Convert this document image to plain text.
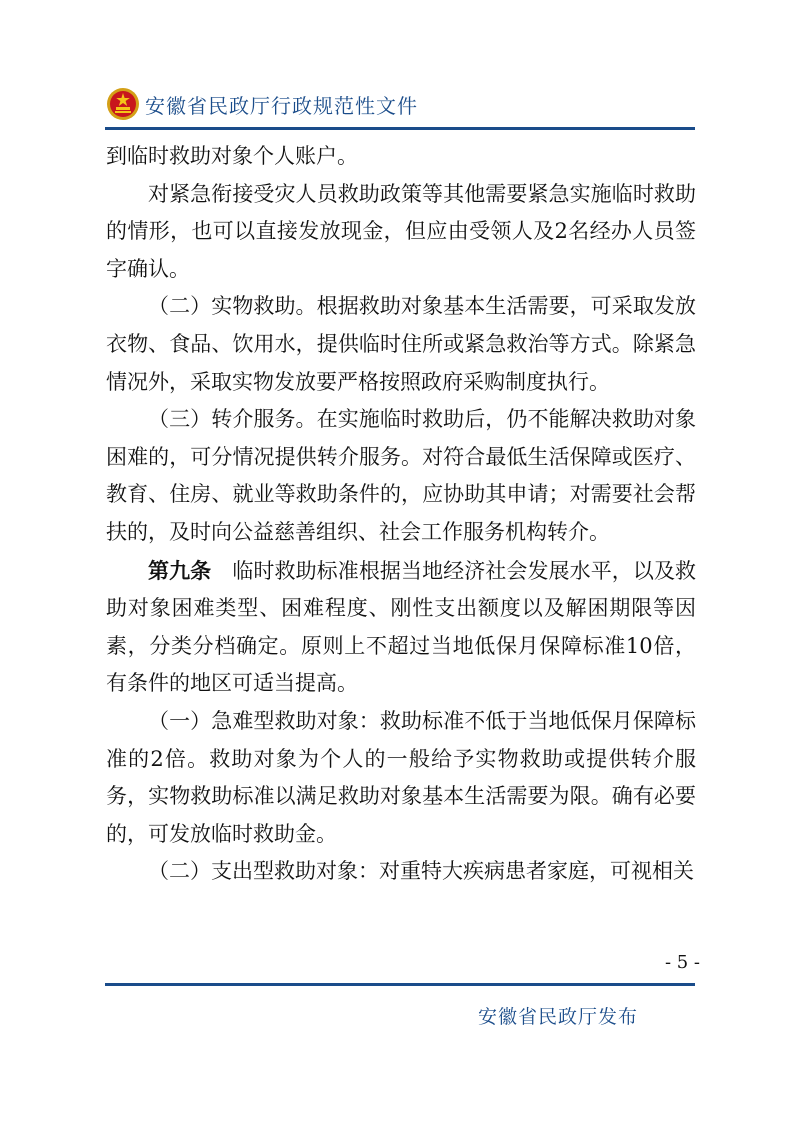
安徽省民政厅行政规范性文件

到临时救助对象个人账户。

对紧急衔接受灾人员救助政策等其他需要紧急实施临时救助的情形，也可以直接发放现金，但应由受领人及2名经办人员签字确认。

（二）实物救助。根据救助对象基本生活需要，可采取发放衣物、食品、饮用水，提供临时住所或紧急救治等方式。除紧急情况外，采取实物发放要严格按照政府采购制度执行。

（三）转介服务。在实施临时救助后，仍不能解决救助对象困难的，可分情况提供转介服务。对符合最低生活保障或医疗、教育、住房、就业等救助条件的，应协助其申请；对需要社会帮扶的，及时向公益慈善组织、社会工作服务机构转介。

第九条　 临时救助标准根据当地经济社会发展水平，以及救助对象困难类型、困难程度、刚性支出额度以及解困期限等因素，分类分档确定。原则上不超过当地低保月保障标准10倍，有条件的地区可适当提高。

（一）急难型救助对象：救助标准不低于当地低保月保障标准的2倍。救助对象为个人的一般给予实物救助或提供转介服务，实物救助标准以满足救助对象基本生活需要为限。确有必要的，可发放临时救助金。

（二）支出型救助对象：对重特大疾病患者家庭，可视相关

- 5 -
安徽省民政厅发布
